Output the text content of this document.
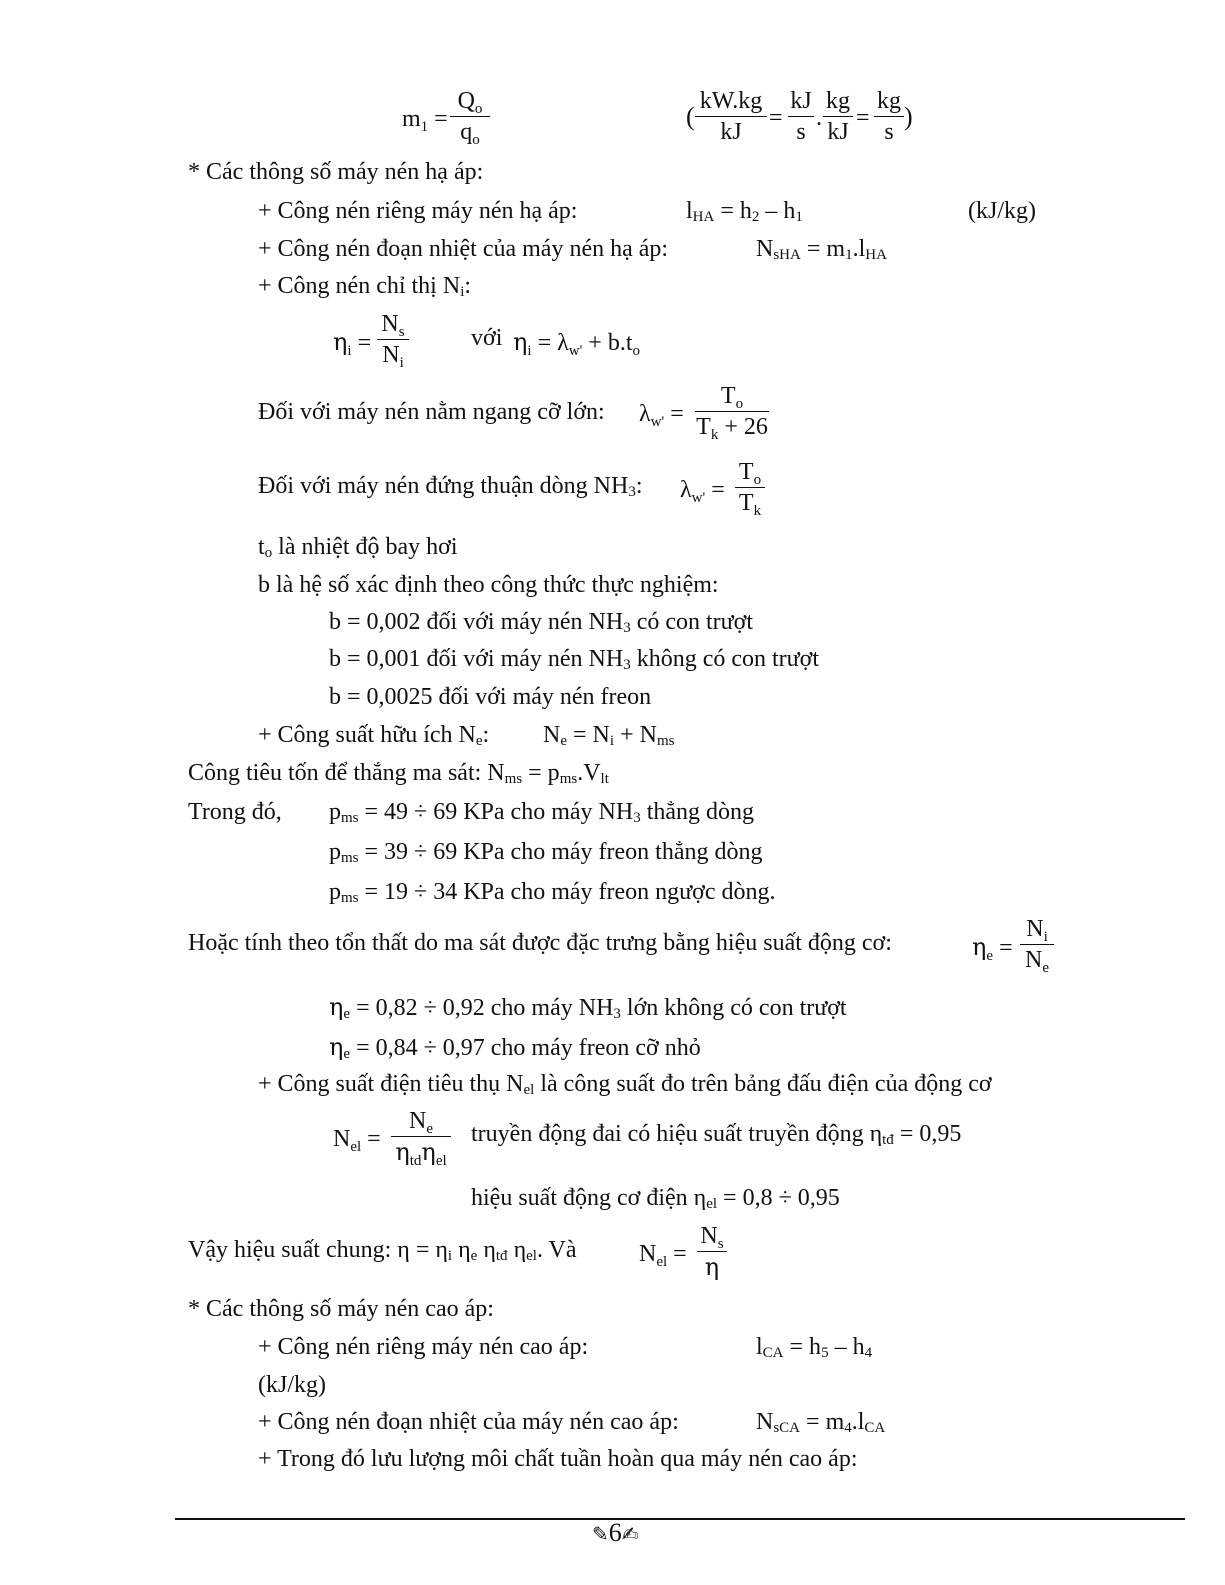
$m_1$ =
$Q_o$
$q_o$
(
kW.kg
kJ
=
kJ
s
.
kg
kJ
=
kg
s
)
* Các thông số máy nén hạ áp:
+ Công nén riêng máy nén hạ áp:	lHA = h2 – h1	(kJ/kg)
+ Công nén đoạn nhiệt của máy nén hạ áp:	NsHA = m1.lHA
+ Công nén chỉ thị Ni:
$\eta_i$ =
$N_s$
$N_i$
với $\eta_i = \lambda_{w'} + b.t_o$
Đối với máy nén nằm ngang cỡ lớn: $\lambda_{w'}$ =
$T_o$
$T_k + 26$
Đối với máy nén đứng thuận dòng NH3: $\lambda_{w'}$ =
$T_o$
$T_k$
to là nhiệt độ bay hơi
b là hệ số xác định theo công thức thực nghiệm:
b = 0,002 đối với máy nén NH3 có con trượt
b = 0,001 đối với máy nén NH3 không có con trượt
b = 0,0025 đối với máy nén freon
+ Công suất hữu ích Ne: Ne = Ni + Nms
Công tiêu tốn để thắng ma sát: Nms = pms.Vlt
Trong đó, pms = 49 ÷ 69 KPa cho máy NH3 thẳng dòng
pms = 39 ÷ 69 KPa cho máy freon thẳng dòng
pms = 19 ÷ 34 KPa cho máy freon ngược dòng.
Hoặc tính theo tổn thất do ma sát được đặc trưng bằng hiệu suất động cơ:	$\eta_e$ =
$N_i$
$N_e$
ηe = 0,82 ÷ 0,92 cho máy NH3 lớn không có con trượt
ηe = 0,84 ÷ 0,97 cho máy freon cỡ nhỏ
+ Công suất điện tiêu thụ Nel là công suất đo trên bảng đấu điện của động cơ
$N_{el}$ =
$N_e$
$\eta_{td}\eta_{el}$
truyền động đai có hiệu suất truyền động ηtđ = 0,95
hiệu suất động cơ điện ηel = 0,8 ÷ 0,95
Vậy hiệu suất chung: η = ηi ηe ηtđ ηel. Và	$N_{el}$ =
$N_s$
η
* Các thông số máy nén cao áp:
+ Công nén riêng máy nén cao áp:	lCA = h5 – h4
(kJ/kg)
+ Công nén đoạn nhiệt của máy nén cao áp:	NsCA = m4.lCA
+ Trong đó lưu lượng môi chất tuần hoàn qua máy nén cao áp:
✎6✍
